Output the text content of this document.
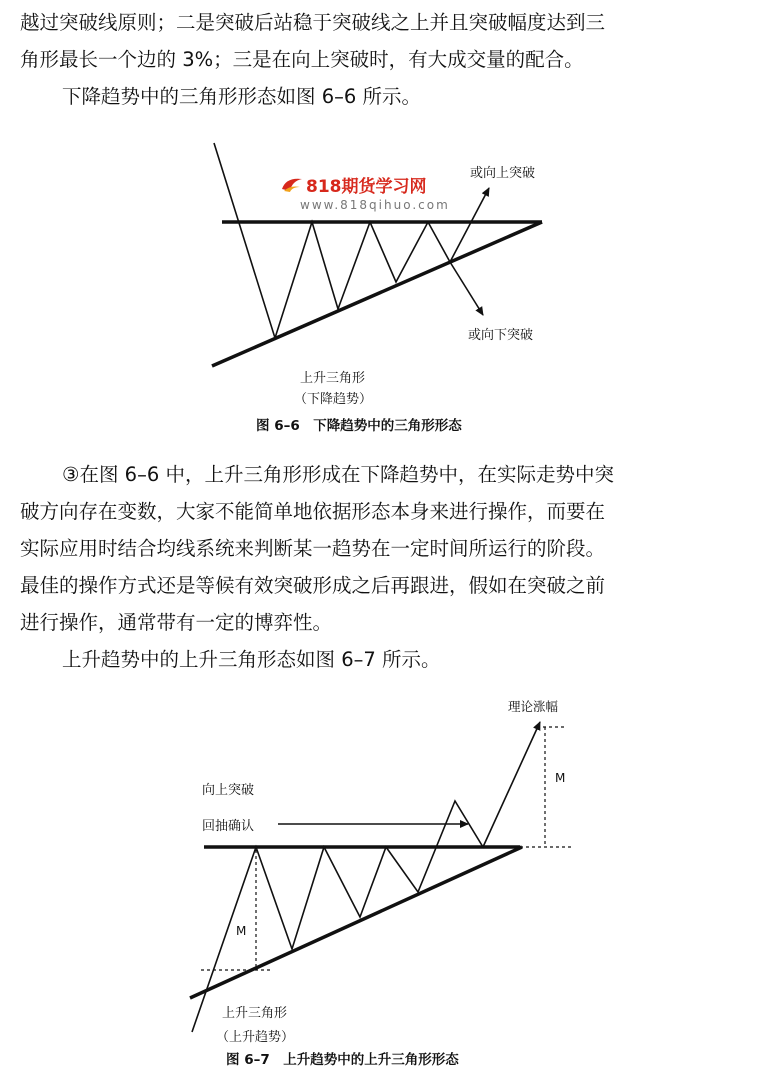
越过突破线原则；二是突破后站稳于突破线之上并且突破幅度达到三
角形最长一个边的 3%；三是在向上突破时，有大成交量的配合。
下降趋势中的三角形形态如图 6–6 所示。
818期货学习网
www.818qihuo.com
或向上突破
或向下突破
上升三角形
（下降趋势）
图 6–6　下降趋势中的三角形形态
③在图 6–6 中，上升三角形形成在下降趋势中，在实际走势中突
破方向存在变数，大家不能简单地依据形态本身来进行操作，而要在
实际应用时结合均线系统来判断某一趋势在一定时间所运行的阶段。
最佳的操作方式还是等候有效突破形成之后再跟进，假如在突破之前
进行操作，通常带有一定的博弈性。
上升趋势中的上升三角形态如图 6–7 所示。
理论涨幅
向上突破
回抽确认
M
M
上升三角形
（上升趋势）
图 6–7　上升趋势中的上升三角形形态
